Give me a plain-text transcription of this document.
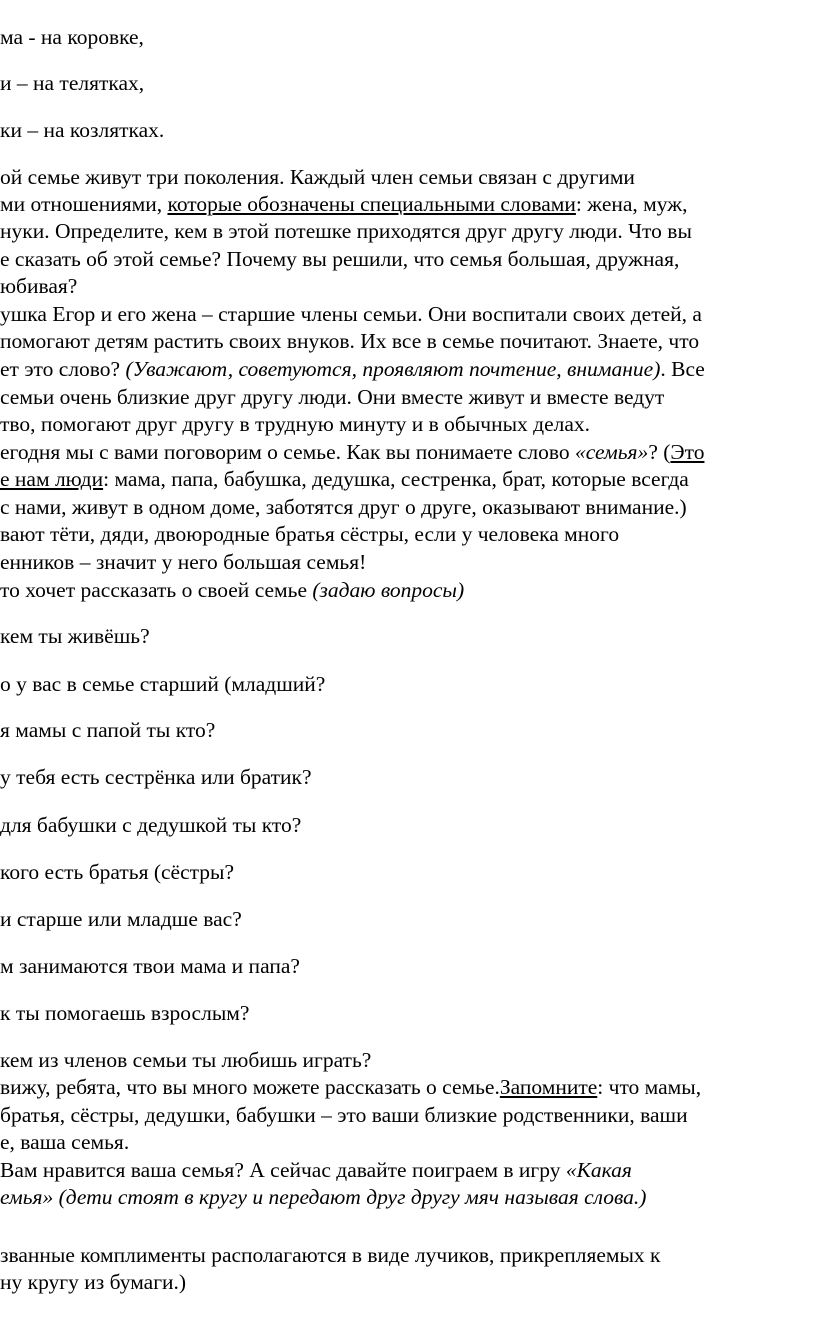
ма - на коровке,
и – на телятках,
ки – на козлятках.
ой семье живут три поколения. Каждый член семьи связан с другими
ми отношениями, которые обозначены специальными словами: жена, муж,
нуки. Определите, кем в этой потешке приходятся друг другу люди. Что вы
е сказать об этой семье? Почему вы решили, что семья большая, дружная,
юбивая?
ушка Егор и его жена – старшие члены семьи. Они воспитали своих детей, а
помогают детям растить своих внуков. Их все в семье почитают. Знаете, что
ет это слово? (Уважают, советуются, проявляют почтение, внимание). Все
семьи очень близкие друг другу люди. Они вместе живут и вместе ведут
тво, помогают друг другу в трудную минуту и в обычных делах.
егодня мы с вами поговорим о семье. Как вы понимаете слово «семья»? (Это
е нам люди: мама, папа, бабушка, дедушка, сестренка, брат, которые всегда
с нами, живут в одном доме, заботятся друг о друге, оказывают внимание.)
вают тёти, дяди, двоюродные братья сёстры, если у человека много
енников – значит у него большая семья!
то хочет рассказать о своей семье (задаю вопросы)
кем ты живёшь?
о у вас в семье старший (младший?
я мамы с папой ты кто?
у тебя есть сестрёнка или братик?
для бабушки с дедушкой ты кто?
кого есть братья (сёстры?
и старше или младше вас?
м занимаются твои мама и папа?
к ты помогаешь взрослым?
кем из членов семьи ты любишь играть?
вижу, ребята, что вы много можете рассказать о семье.Запомните: что мамы,
братья, сёстры, дедушки, бабушки – это ваши близкие родственники, ваши
е, ваша семья.
Вам нравится ваша семья? А сейчас давайте поиграем в игру «Какая
емья» (дети стоят в кругу и передают друг другу мяч называя слова.)
званные комплименты располагаются в виде лучиков, прикрепляемых к
ну кругу из бумаги.)
